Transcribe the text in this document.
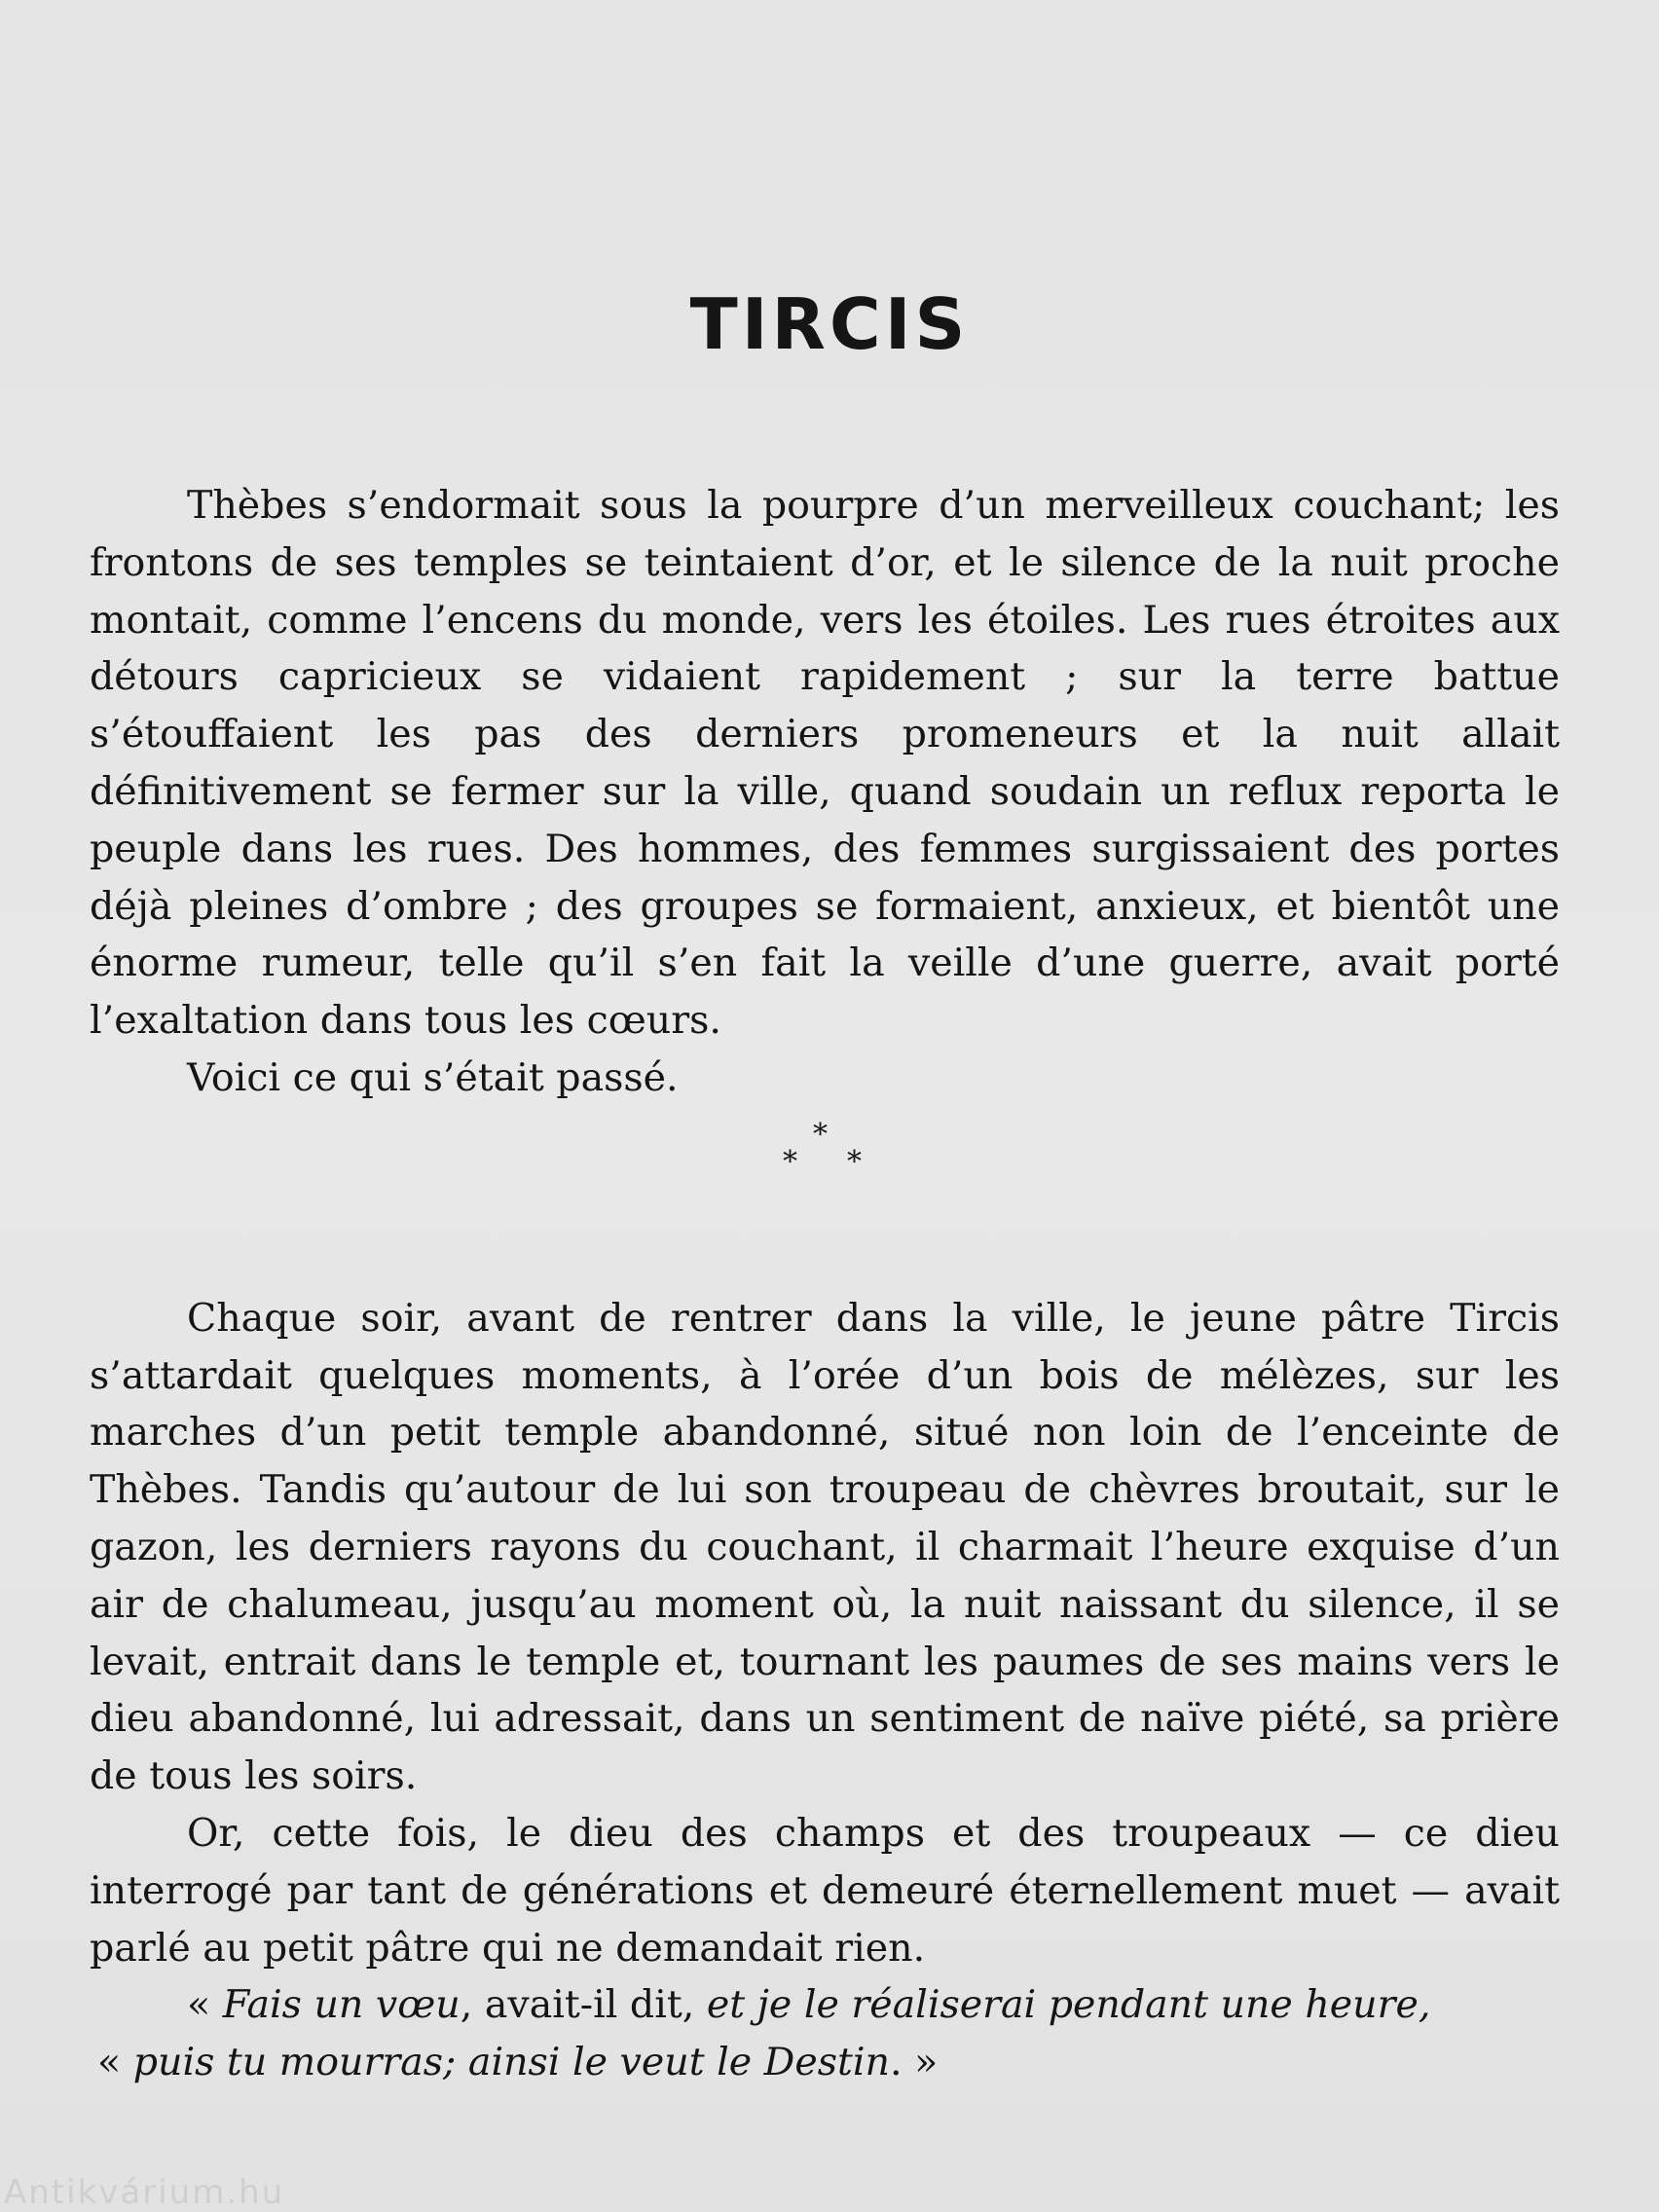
TIRCIS

Thèbes s’endormait sous la pourpre d’un merveilleux couchant; les frontons de ses temples se teintaient d’or, et le silence de la nuit proche montait, comme l’encens du monde, vers les étoiles. Les rues étroites aux détours capricieux se vidaient rapidement ; sur la terre battue s’étouffaient les pas des derniers promeneurs et la nuit allait définitivement se fermer sur la ville, quand soudain un reflux reporta le peuple dans les rues. Des hommes, des femmes surgissaient des portes déjà pleines d’ombre ; des groupes se formaient, anxieux, et bientôt une énorme rumeur, telle qu’il s’en fait la veille d’une guerre, avait porté l’exaltation dans tous les cœurs.

Voici ce qui s’était passé.

*
* *

Chaque soir, avant de rentrer dans la ville, le jeune pâtre Tircis s’attardait quelques moments, à l’orée d’un bois de mélèzes, sur les marches d’un petit temple abandonné, situé non loin de l’enceinte de Thèbes. Tandis qu’autour de lui son troupeau de chèvres broutait, sur le gazon, les derniers rayons du couchant, il charmait l’heure exquise d’un air de chalumeau, jusqu’au moment où, la nuit naissant du silence, il se levait, entrait dans le temple et, tournant les paumes de ses mains vers le dieu abandonné, lui adressait, dans un sentiment de naïve piété, sa prière de tous les soirs.

Or, cette fois, le dieu des champs et des troupeaux — ce dieu interrogé par tant de générations et demeuré éternellement muet — avait parlé au petit pâtre qui ne demandait rien.

« Fais un vœu, avait-il dit, et je le réaliserai pendant une heure,

« puis tu mourras; ainsi le veut le Destin. »

Antikvárium.hu
